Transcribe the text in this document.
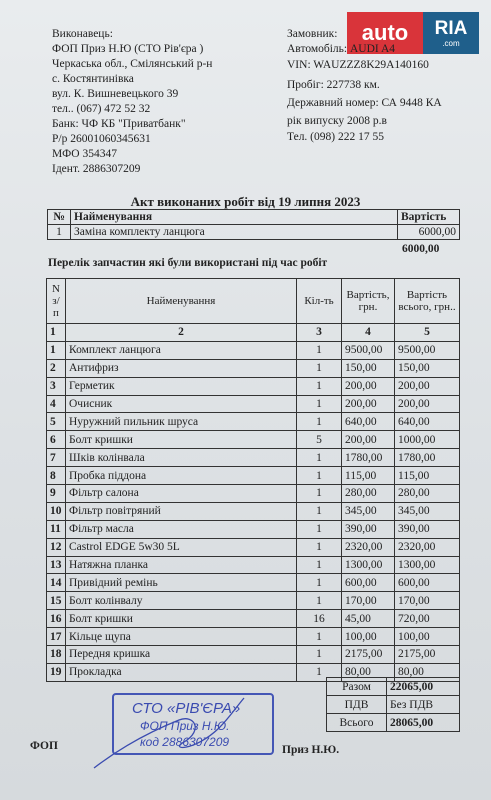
auto	RIA
.com
Виконавець:
ФОП Приз Н.Ю (СТО Рів'єра )
Черкаська обл., Смілянський р-н
с. Костянтинівка
вул. К. Вишневецького 39
тел.. (067) 472 52 32
Банк: ЧФ КБ "Приватбанк"
Р/р 26001060345631
МФО 354347
Ідент. 2886307209
Замовник:
Автомобіль: AUDI A4
VIN: WAUZZZ8K29A140160
Пробіг: 227738 км.
Державний номер: СА 9448 КА
рік випуску 2008 р.в
Тел. (098) 222 17 55
Акт виконаних робіт від 19 липня 2023
№	Найменування	Вартість
1	Заміна комплекту ланцюга	6000,00
6000,00
Перелік запчастин які були використані під час робіт
N з/п	Найменування	Кіл-ть	Вартість, грн.	Вартість всього, грн..
1	2	3	4	5
1	Комплект ланцюга	1	9500,00	9500,00
2	Антифриз	1	150,00	150,00
3	Герметик	1	200,00	200,00
4	Очисник	1	200,00	200,00
5	Нуружний пильник шруса	1	640,00	640,00
6	Болт кришки	5	200,00	1000,00
7	Шків колінвала	1	1780,00	1780,00
8	Пробка піддона	1	115,00	115,00
9	Фільтр салона	1	280,00	280,00
10	Фільтр повітряний	1	345,00	345,00
11	Фільтр масла	1	390,00	390,00
12	Castrol EDGE 5w30 5L	1	2320,00	2320,00
13	Натяжна планка	1	1300,00	1300,00
14	Привідний ремінь	1	600,00	600,00
15	Болт колінвалу	1	170,00	170,00
16	Болт кришки	16	45,00	720,00
17	Кільце щупа	1	100,00	100,00
18	Передня кришка	1	2175,00	2175,00
19	Прокладка	1	80,00	80,00
Разом	22065,00
ПДВ	Без ПДВ
Всього	28065,00
СТО «РІВ'ЄРА»
ФОП Приз Н.Ю.
код 2886307209
ФОП	Приз Н.Ю.
